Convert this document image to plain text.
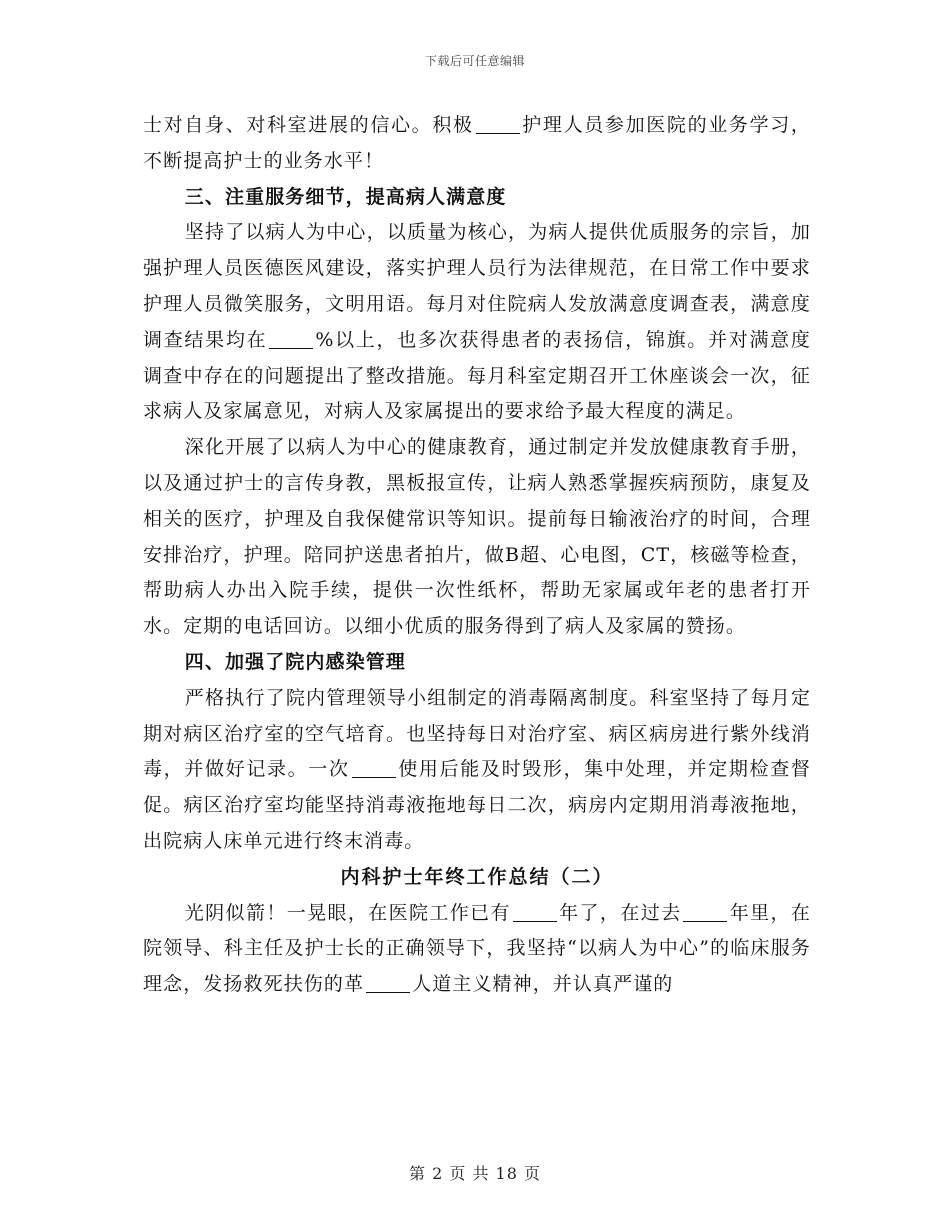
下载后可任意编辑

士对自身、对科室进展的信心。积极	护理人员参加医院的业务学习，不断提高护士的业务水平！

三、注重服务细节，提高病人满意度

坚持了以病人为中心，以质量为核心，为病人提供优质服务的宗旨，加强护理人员医德医风建设，落实护理人员行为法律规范，在日常工作中要求护理人员微笑服务，文明用语。每月对住院病人发放满意度调查表，满意度调查结果均在	%以上，也多次获得患者的表扬信，锦旗。并对满意度调查中存在的问题提出了整改措施。每月科室定期召开工休座谈会一次，征求病人及家属意见，对病人及家属提出的要求给予最大程度的满足。

深化开展了以病人为中心的健康教育，通过制定并发放健康教育手册，以及通过护士的言传身教，黑板报宣传，让病人熟悉掌握疾病预防，康复及相关的医疗，护理及自我保健常识等知识。提前每日输液治疗的时间，合理安排治疗，护理。陪同护送患者拍片，做B超、心电图，CT，核磁等检查，帮助病人办出入院手续，提供一次性纸杯，帮助无家属或年老的患者打开水。定期的电话回访。以细小优质的服务得到了病人及家属的赞扬。

四、加强了院内感染管理

严格执行了院内管理领导小组制定的消毒隔离制度。科室坚持了每月定期对病区治疗室的空气培育。也坚持每日对治疗室、病区病房进行紫外线消毒，并做好记录。一次	使用后能及时毁形，集中处理，并定期检查督促。病区治疗室均能坚持消毒液拖地每日二次，病房内定期用消毒液拖地，出院病人床单元进行终末消毒。

内科护士年终工作总结（二）

光阴似箭！一晃眼，在医院工作已有	年了，在过去	年里，在院领导、科主任及护士长的正确领导下，我坚持“以病人为中心”的临床服务理念，发扬救死扶伤的革	人道主义精神，并认真严谨的

第 2 页 共 18 页
